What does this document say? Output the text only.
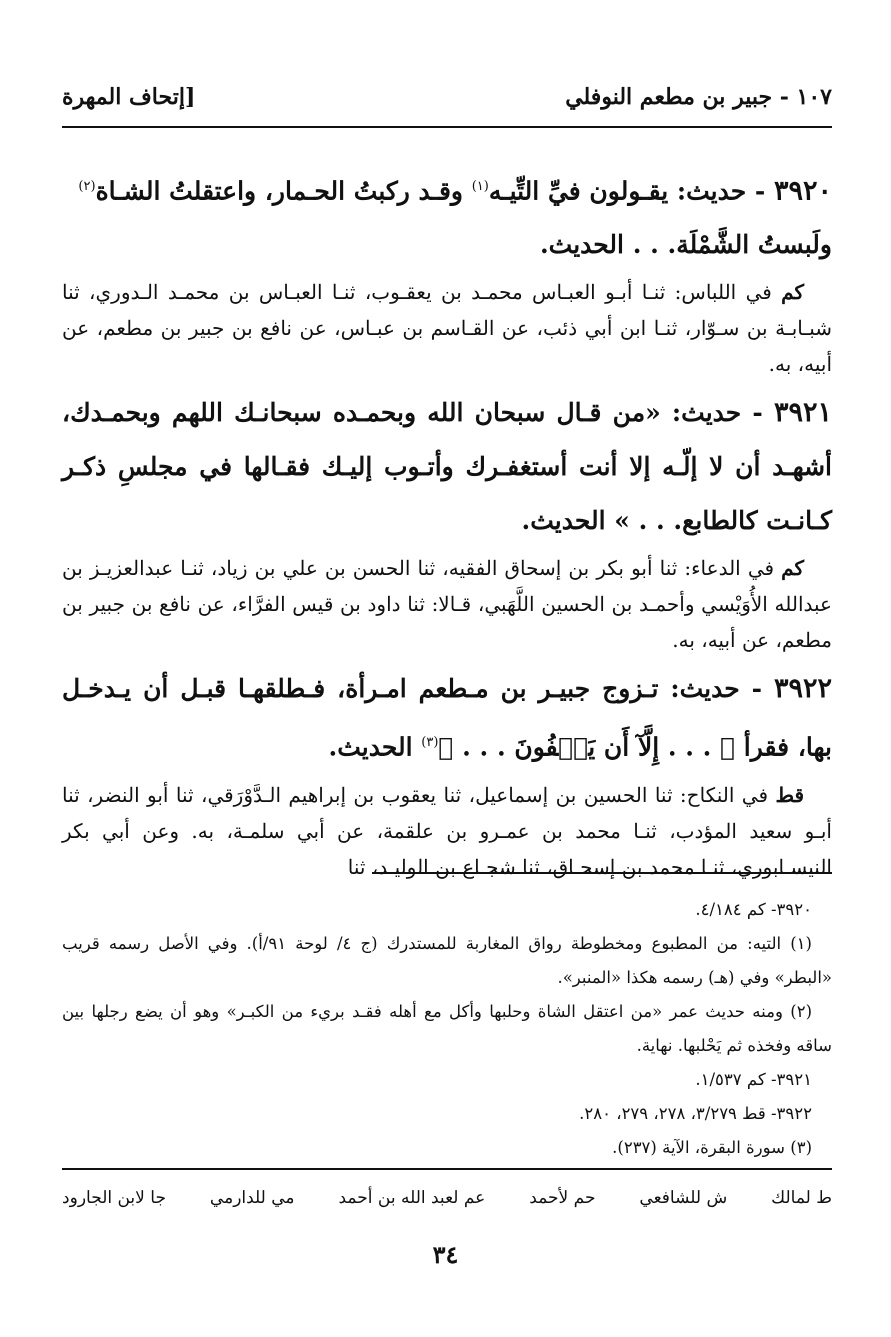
١٠٧ - جبير بن مطعم النوفلي
[إتحاف المهرة

٣٩٢٠ - حديث: يقـولون فيِّ التِّيـه$^{(١)}$ وقـد ركبتُ الحـمار، واعتقلتُ الشـاة$^{(٢)}$
ولَبستُ الشَّمْلَة. . . الحديث.

كم في اللباس: ثنـا أبـو العبـاس محمـد بن يعقـوب، ثنـا العبـاس بن محمـد الـدوري، ثنا شبـابـة بن سـوّار، ثنـا ابن أبي ذئب، عن القـاسم بن عبـاس، عن نافع بن جبير بن مطعم، عن أبيه، به.

٣٩٢١ - حديث: «من قـال سبحان الله وبحمـده سبحانـك اللهم وبحمـدك، أشهـد أن لا إلّـه إلا أنت أستغفـرك وأتـوب إليـك فقـالها في مجلسِ ذكـر كـانـت كالطابع. . . » الحديث.

كم في الدعاء: ثنا أبو بكر بن إسحاق الفقيه، ثنا الحسن بن علي بن زياد، ثنـا عبدالعزيـز بن عبدالله الأُوَيْسي وأحمـد بن الحسين اللَّهَبي، قـالا: ثنا داود بن قيس الفرَّاء، عن نافع بن جبير بن مطعم، عن أبيه، به.

٣٩٢٢ - حديث: تـزوج جبيـر بن مـطعم امـرأة، فـطلقهـا قبـل أن يـدخـل بها، فقرأ ﴿ . . . إِلَّآ أَن يَعۡفُونَ . . . ﴾$^{(٣)}$ الحديث.

قط في النكاح: ثنا الحسين بن إسماعيل، ثنا يعقوب بن إبراهيم الـدَّوْرَقي، ثنا أبو النضر، ثنا أبـو سعيد المؤدب، ثنـا محمد بن عمـرو بن علقمة، عن أبي سلمـة، به. وعن أبي بكر النيسـابوري، ثنـا محمد بن إسحـاق، ثنا شجـاع بن الوليـد، ثنا

٣٩٢٠- كم ٤/١٨٤.

(١) التيه: من المطبوع ومخطوطة رواق المغاربة للمستدرك (ج ٤/ لوحة ٩١/أ). وفي الأصل رسمه قريب «البطر» وفي (هـ) رسمه هكذا «المنبر».

(٢) ومنه حديث عمر «من اعتقل الشاة وحلبها وأكل مع أهله فقـد بريء من الكبـر» وهو أن يضع رجلها بين ساقه وفخذه ثم يَحْلبها. نهاية.

٣٩٢١- كم ١/٥٣٧.

٣٩٢٢- قط ٣/٢٧٩، ٢٧٨، ٢٧٩، ٢٨٠.

(٣) سورة البقرة، الآية (٢٣٧).

ط لمالك
ش للشافعي
حم لأحمد
عم لعبد الله بن أحمد
مي للدارمي
جا لابن الجارود
٣٤
